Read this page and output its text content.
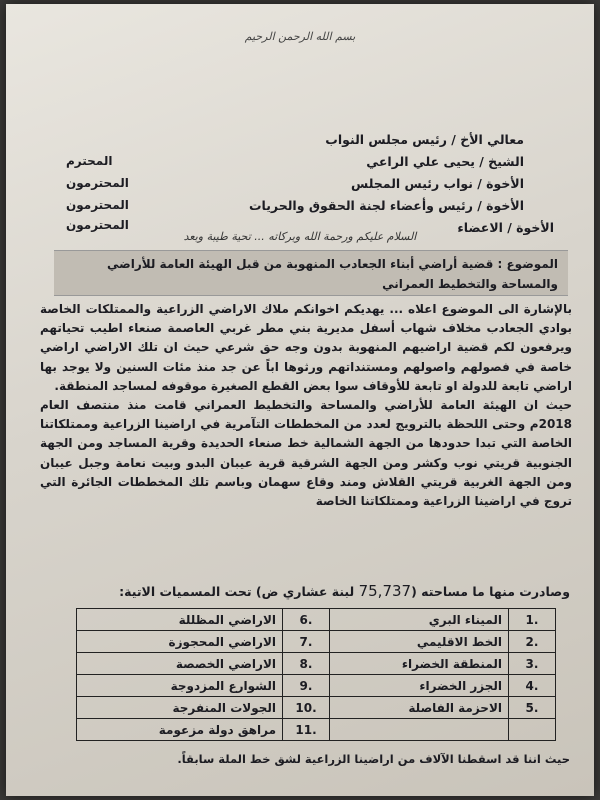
بسم الله الرحمن الرحيم
معالي الأخ / رئيس مجلس النواب
الشيخ / يحيى علي الراعي
المحترم
الأخوة / نواب رئيس المجلس
المحترمون
الأخوة / رئيس وأعضاء لجنة الحقوق والحريات
المحترمون
الأخوة / الاعضاء
المحترمون
السلام عليكم ورحمة الله وبركاته ... تحية طيبة وبعد
الموضوع : قضية أراضي أبناء الجعادب المنهوبة من قبل الهيئة العامة للأراضي والمساحة والتخطيط العمراني

بالإشارة الى الموضوع اعلاه ... يهديكم اخوانكم ملاك الاراضي الزراعية والممتلكات الخاصة بوادي الجعادب مخلاف شهاب أسفل مديرية بني مطر غربي العاصمة صنعاء اطيب تحياتهم ويرفعون لكم قضية اراضيهم المنهوبة بدون وجه حق شرعي حيث ان تلك الاراضي اراضي خاصة في فصولهم واصولهم ومستنداتهم ورثوها اباً عن جد منذ مئات السنين ولا يوجد بها اراضي تابعة للدولة او تابعة للأوقاف سوا بعض القطع الصغيرة موقوفه لمساجد المنطقة.

حيث ان الهيئة العامة للأراضي والمساحة والتخطيط العمراني قامت منذ منتصف العام 2018م وحتى اللحظة بالترويج لعدد من المخططات التآمرية في اراضينا الزراعية وممتلكاتنا الخاصة التي تبدا حدودها من الجهة الشمالية خط صنعاء الحديدة وقرية المساجد ومن الجهة الجنوبية قريتي نوب وكشر ومن الجهة الشرقية قرية عيبان البدو وبيت نعامة وجبل عيبان ومن الجهة الغربية قريتي القلاش ومند وقاع سهمان وباسم تلك المخططات الجائرة التي تروج في اراضينا الزراعية وممتلكاتنا الخاصة

وصادرت منها ما مساحته (75,737 لبنة عشاري ض) تحت المسميات الاتية:
1.	الميناء البري	6.	الاراضي المظللة
2.	الخط الاقليمي	7.	الاراضي المحجوزة
3.	المنطقة الخضراء	8.	الاراضي الخصصة
4.	الجزر الخضراء	9.	الشوارع المزدوجة
5.	الاحزمة الفاصلة	10.	الجولات المنفرجة
		11.	مراهق دولة مزعومة
حيث اننا قد اسقطنا الآلاف من اراضينا الزراعية لشق خط الملة سابقاً.
